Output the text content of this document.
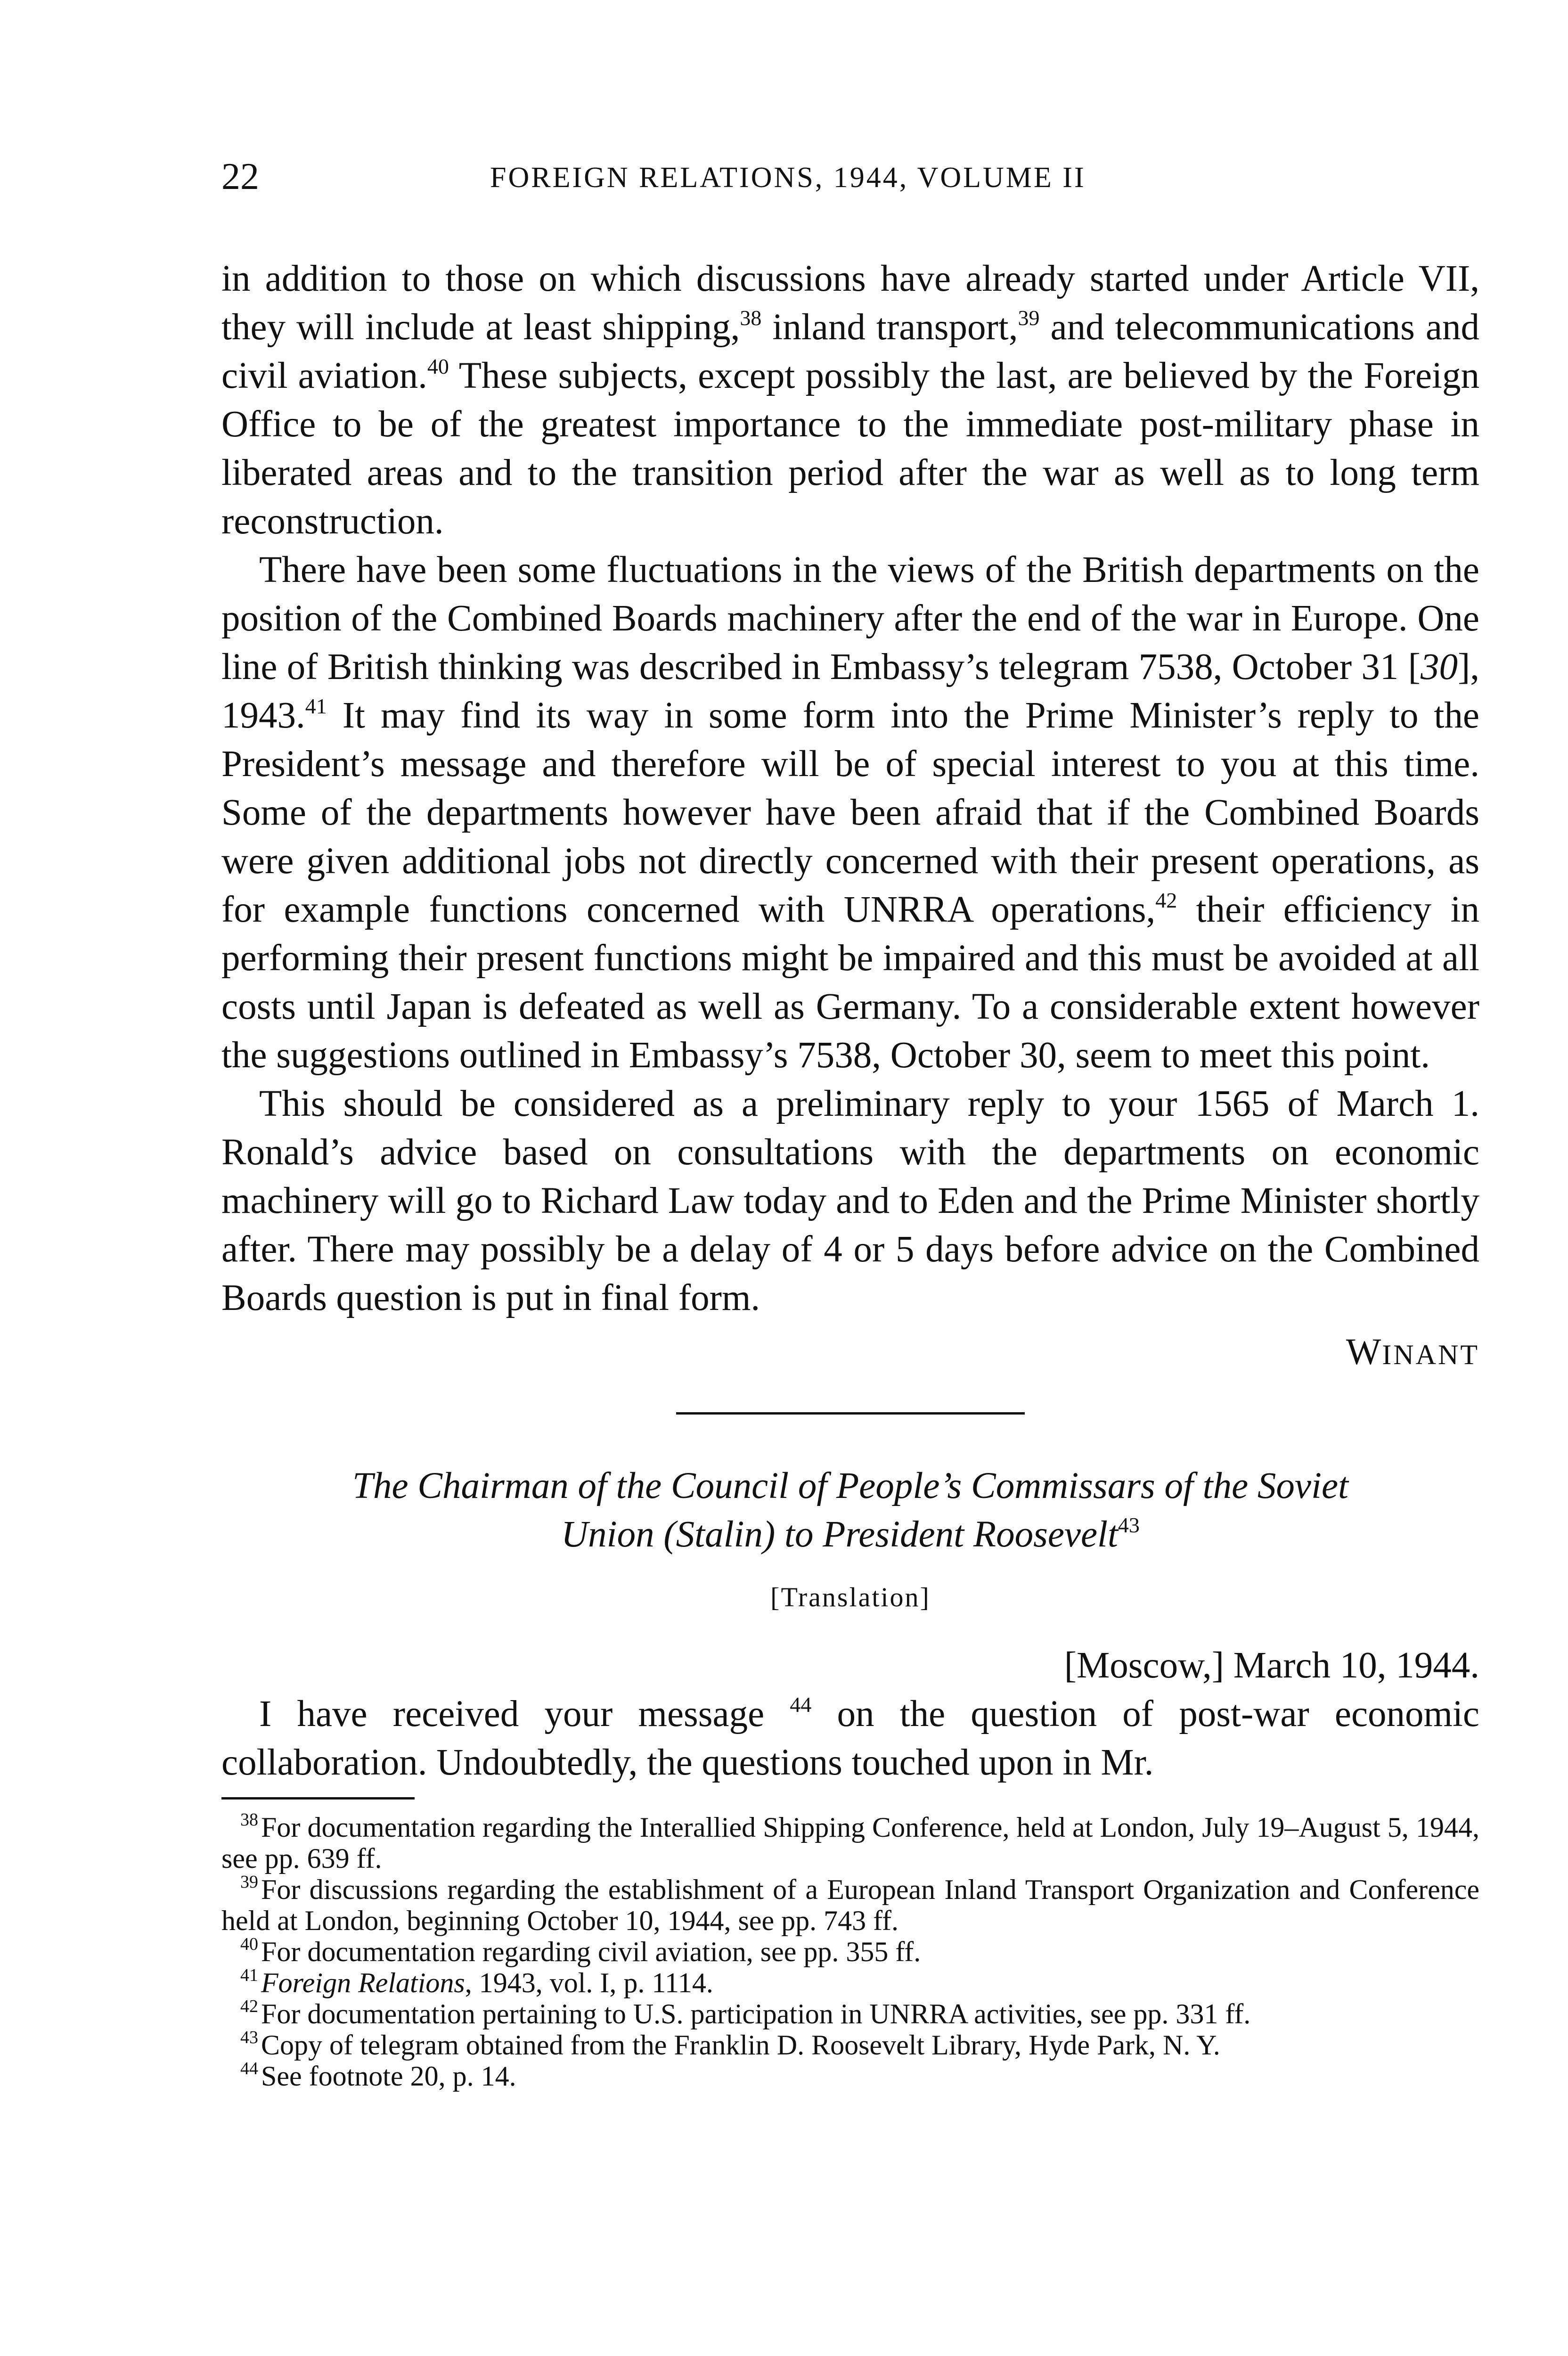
22	FOREIGN RELATIONS, 1944, VOLUME II

in addition to those on which discussions have already started under Article VII, they will include at least shipping,$^{38}$ inland transport,$^{39}$ and telecommunications and civil aviation.$^{40}$ These subjects, except possibly the last, are believed by the Foreign Office to be of the greatest importance to the immediate post-military phase in liberated areas and to the transition period after the war as well as to long term reconstruction.

There have been some fluctuations in the views of the British departments on the position of the Combined Boards machinery after the end of the war in Europe. One line of British thinking was described in Embassy’s telegram 7538, October 31 [30], 1943.41 It may find its way in some form into the Prime Minister’s reply to the President’s message and therefore will be of special interest to you at this time. Some of the departments however have been afraid that if the Combined Boards were given additional jobs not directly concerned with their present operations, as for example functions concerned with UNRRA operations,$^{42}$ their efficiency in performing their present functions might be impaired and this must be avoided at all costs until Japan is defeated as well as Germany. To a considerable extent however the suggestions outlined in Embassy’s 7538, October 30, seem to meet this point.

This should be considered as a preliminary reply to your 1565 of March 1. Ronald’s advice based on consultations with the departments on economic machinery will go to Richard Law today and to Eden and the Prime Minister shortly after. There may possibly be a delay of 4 or 5 days before advice on the Combined Boards question is put in final form.

WINANT
The Chairman of the Council of People’s Commissars of the Soviet
Union (Stalin) to President Roosevelt$^{43}$
[Translation]
[Moscow,] March 10, 1944.

I have received your message $^{44}$ on the question of post-war economic collaboration. Undoubtedly, the questions touched upon in Mr.

$^{38}$ For documentation regarding the Interallied Shipping Conference, held at London, July 19–August 5, 1944, see pp. 639 ff.

$^{39}$ For discussions regarding the establishment of a European Inland Transport Organization and Conference held at London, beginning October 10, 1944, see pp. 743 ff.

$^{40}$ For documentation regarding civil aviation, see pp. 355 ff.

$^{41}$ Foreign Relations, 1943, vol. I, p. 1114.

$^{42}$ For documentation pertaining to U.S. participation in UNRRA activities, see pp. 331 ff.

$^{43}$ Copy of telegram obtained from the Franklin D. Roosevelt Library, Hyde Park, N. Y.

$^{44}$ See footnote 20, p. 14.
